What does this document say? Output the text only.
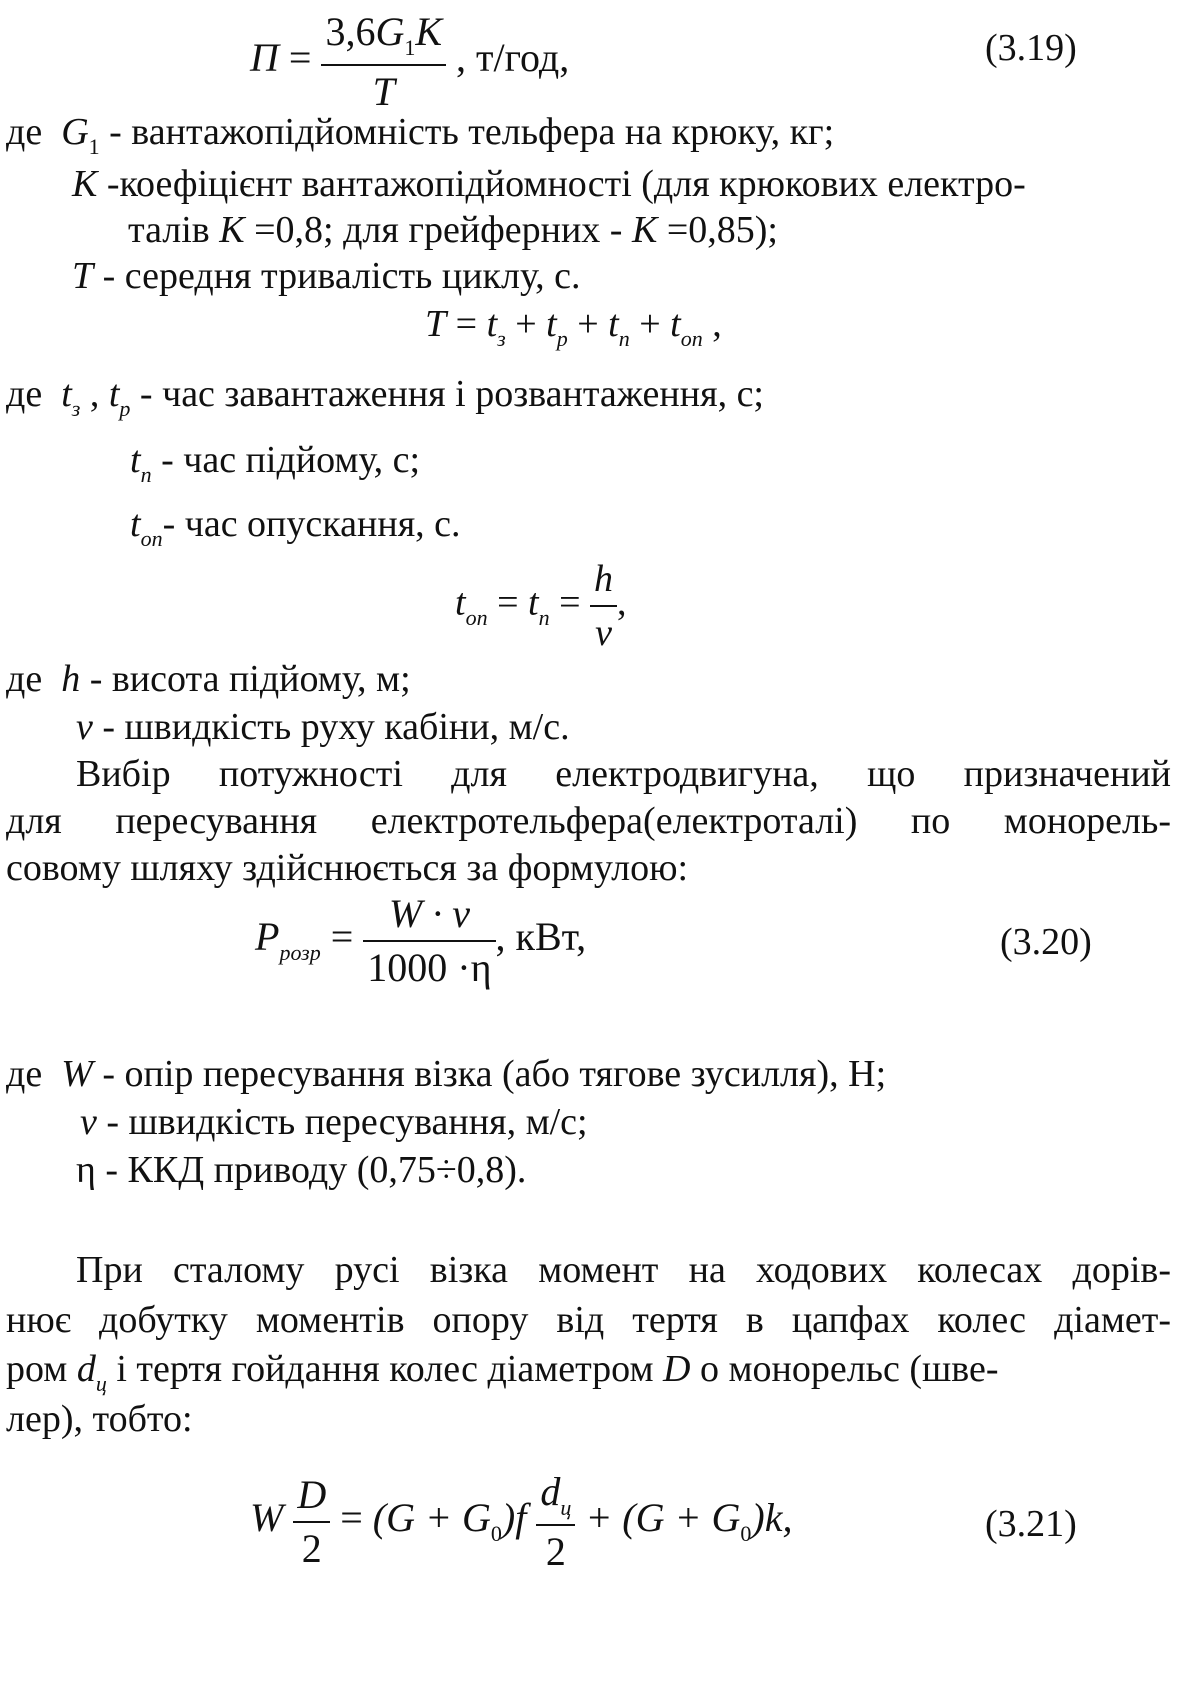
$П = \frac{3,6G_1K}{T}$ , т/год,	(3.19)
де $G_1$ - вантажопідйомність тельфера на крюку, кг;
K -коефіцієнт вантажопідйомності (для крюкових електро-
талів K =0,8; для грейферних - K =0,85);
T - середня тривалість циклу, с.
$T = t_з + t_р + t_п + t_{оп}$ ,
де $t_з$ , $t_р$ - час завантаження і розвантаження, с;
$t_п$ - час підйому, с;
$t_{оп}-$ час опускання, с.
$t_{оп} = t_п = \frac{h}{v}$ ,
де h - висота підйому, м;
v - швидкість руху кабіни, м/с.
Вибір потужності для електродвигуна, що призначений
для пересування електротельфера(електроталі) по монорель-
совому шляху здійснюється за формулою:
$P_{розр} = \frac{W \cdot v}{1000 \cdot\eta}$ , кВт,	(3.20)
де W - опір пересування візка (або тягове зусилля), Н;
v - швидкість пересування, м/с;
η - ККД приводу (0,75÷0,8).
При сталому русі візка момент на ходових колесах дорів-
нює добутку моментів опору від тертя в цапфах колес діамет-
ром $d_ц$ і тертя гойдання колес діаметром D о монорельс (шве-
лер), тобто:
W $\frac{D}{2} = (G + G_0)f \frac{d_ц}{2} + (G + G_0)k$,	(3.21)
